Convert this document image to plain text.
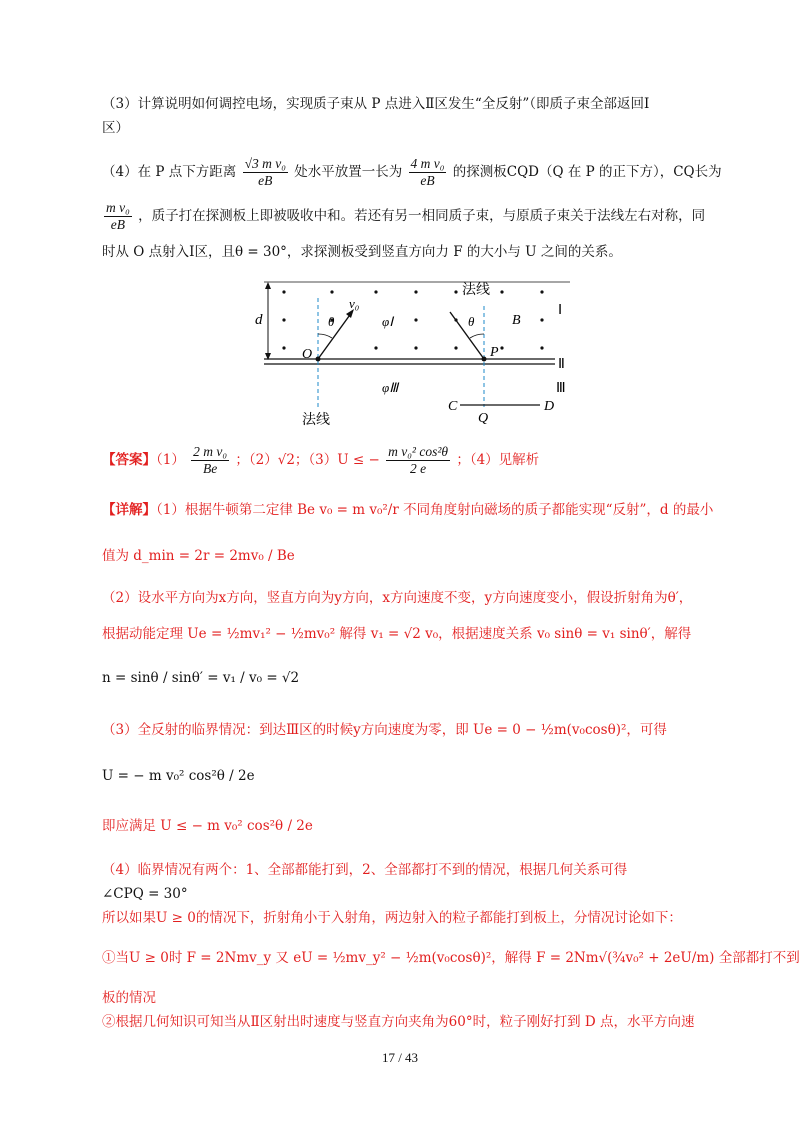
（3）计算说明如何调控电场，实现质子束从 P 点进入Ⅱ区发生“全反射”（即质子束全部返回Ⅰ
区）
（4）在 P 点下方距离 $\frac{\text{√3 m v₀}}{eB}$ 处水平放置一长为 $\frac{\text{4 m v₀}}{eB}$ 的探测板CQD（Q 在 P 的正下方），CQ长为
$\frac{\text{m v₀}}{eB}$ ，质子打在探测板上即被吸收中和。若还有另一相同质子束，与原质子束关于法线左右对称，同
时从 O 点射入Ⅰ区，且θ = 30°，求探测板受到竖直方向力 F 的大小与 U 之间的关系。
d
法线
v₀
θ	θ
φⅠ	B
O	P
Ⅰ
Ⅱ
Ⅲ
φⅢ
C
Q
D
法线
【答案】$(1) \frac{\text{2 m v₀}}{Be}$ ；（2）√2；（3）U ≤ − $\frac{\text{m v₀² cos²θ}}{2 e}$ ；（4）见解析
【详解】（1）根据牛顿第二定律 Be v₀ = m v₀²/r 不同角度射向磁场的质子都能实现“反射”，d 的最小
值为 d_min = 2r = 2mv₀ / Be
（2）设水平方向为x方向，竖直方向为y方向，x方向速度不变，y方向速度变小，假设折射角为θ′，
根据动能定理 Ue = ½mv₁² − ½mv₀² 解得 v₁ = √2 v₀，根据速度关系 v₀ sinθ = v₁ sinθ′，解得
n = sinθ / sinθ′ = v₁ / v₀ = √2
（3）全反射的临界情况：到达Ⅲ区的时候y方向速度为零，即 Ue = 0 − ½m(v₀cosθ)²，可得
U = − m v₀² cos²θ / 2e
即应满足 U ≤ − m v₀² cos²θ / 2e
（4）临界情况有两个：1、全部都能打到，2、全部都打不到的情况，根据几何关系可得
∠CPQ = 30°
所以如果U ≥ 0的情况下，折射角小于入射角，两边射入的粒子都能打到板上，分情况讨论如下：
①当U ≥ 0时 F = 2Nmv_y 又 eU = ½mv_y² − ½m(v₀cosθ)²，解得 F = 2Nm√(¾v₀² + 2eU/m) 全部都打不到
板的情况
②根据几何知识可知当从Ⅱ区射出时速度与竖直方向夹角为60°时，粒子刚好打到 D 点，水平方向速
17 / 43
